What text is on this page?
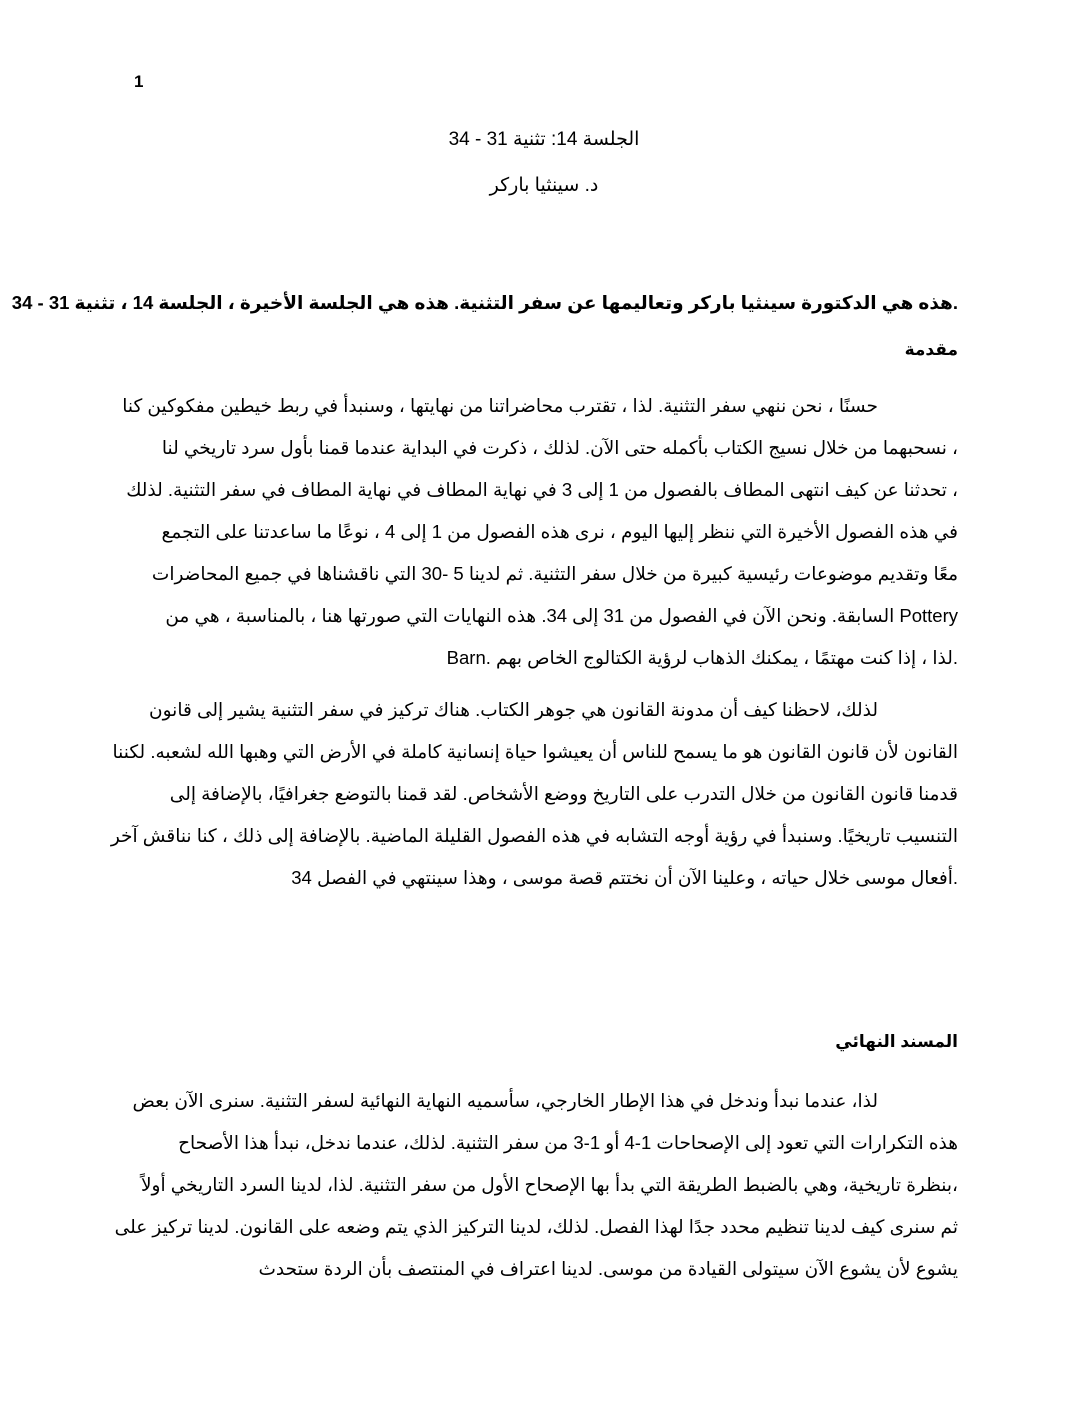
1
الجلسة 14: تثنية 31 - 34
د. سينثيا باركر
.هذه هي الدكتورة سينثيا باركر وتعاليمها عن سفر التثنية. هذه هي الجلسة الأخيرة ، الجلسة 14 ، تثنية 31 - 34
مقدمة
حسنًا ، نحن ننهي سفر التثنية. لذا ، تقترب محاضراتنا من نهايتها ، وسنبدأ في ربط خيطين مفكوكين كنا
، نسحبهما من خلال نسيج الكتاب بأكمله حتى الآن. لذلك ، ذكرت في البداية عندما قمنا بأول سرد تاريخي لنا
، تحدثنا عن كيف انتهى المطاف بالفصول من 1 إلى 3 في نهاية المطاف في نهاية المطاف في سفر التثنية. لذلك
في هذه الفصول الأخيرة التي ننظر إليها اليوم ، نرى هذه الفصول من 1 إلى 4 ، نوعًا ما ساعدتنا على التجمع
معًا وتقديم موضوعات رئيسية كبيرة من خلال سفر التثنية. ثم لدينا 5 -30 التي ناقشناها في جميع المحاضرات
Pottery السابقة. ونحن الآن في الفصول من 31 إلى 34. هذه النهايات التي صورتها هنا ، بالمناسبة ، هي من
.لذا ، إذا كنت مهتمًا ، يمكنك الذهاب لرؤية الكتالوج الخاص بهم .Barn
لذلك، لاحظنا كيف أن مدونة القانون هي جوهر الكتاب. هناك تركيز في سفر التثنية يشير إلى قانون
القانون لأن قانون القانون هو ما يسمح للناس أن يعيشوا حياة إنسانية كاملة في الأرض التي وهبها الله لشعبه. لكننا
قدمنا قانون القانون من خلال التدرب على التاريخ ووضع الأشخاص. لقد قمنا بالتوضع جغرافيًا، بالإضافة إلى
التنسيب تاريخيًا. وسنبدأ في رؤية أوجه التشابه في هذه الفصول القليلة الماضية. بالإضافة إلى ذلك ، كنا نناقش آخر
.أفعال موسى خلال حياته ، وعلينا الآن أن نختتم قصة موسى ، وهذا سينتهي في الفصل 34
المسند النهائي
لذا، عندما نبدأ وندخل في هذا الإطار الخارجي، سأسميه النهاية النهائية لسفر التثنية. سنرى الآن بعض
هذه التكرارات التي تعود إلى الإصحاحات 1-4 أو 1-3 من سفر التثنية. لذلك، عندما ندخل، نبدأ هذا الأصحاح
،بنظرة تاريخية، وهي بالضبط الطريقة التي بدأ بها الإصحاح الأول من سفر التثنية. لذا، لدينا السرد التاريخي أولاً
ثم سنرى كيف لدينا تنظيم محدد جدًا لهذا الفصل. لذلك، لدينا التركيز الذي يتم وضعه على القانون. لدينا تركيز على
يشوع لأن يشوع الآن سيتولى القيادة من موسى. لدينا اعتراف في المنتصف بأن الردة ستحدث
